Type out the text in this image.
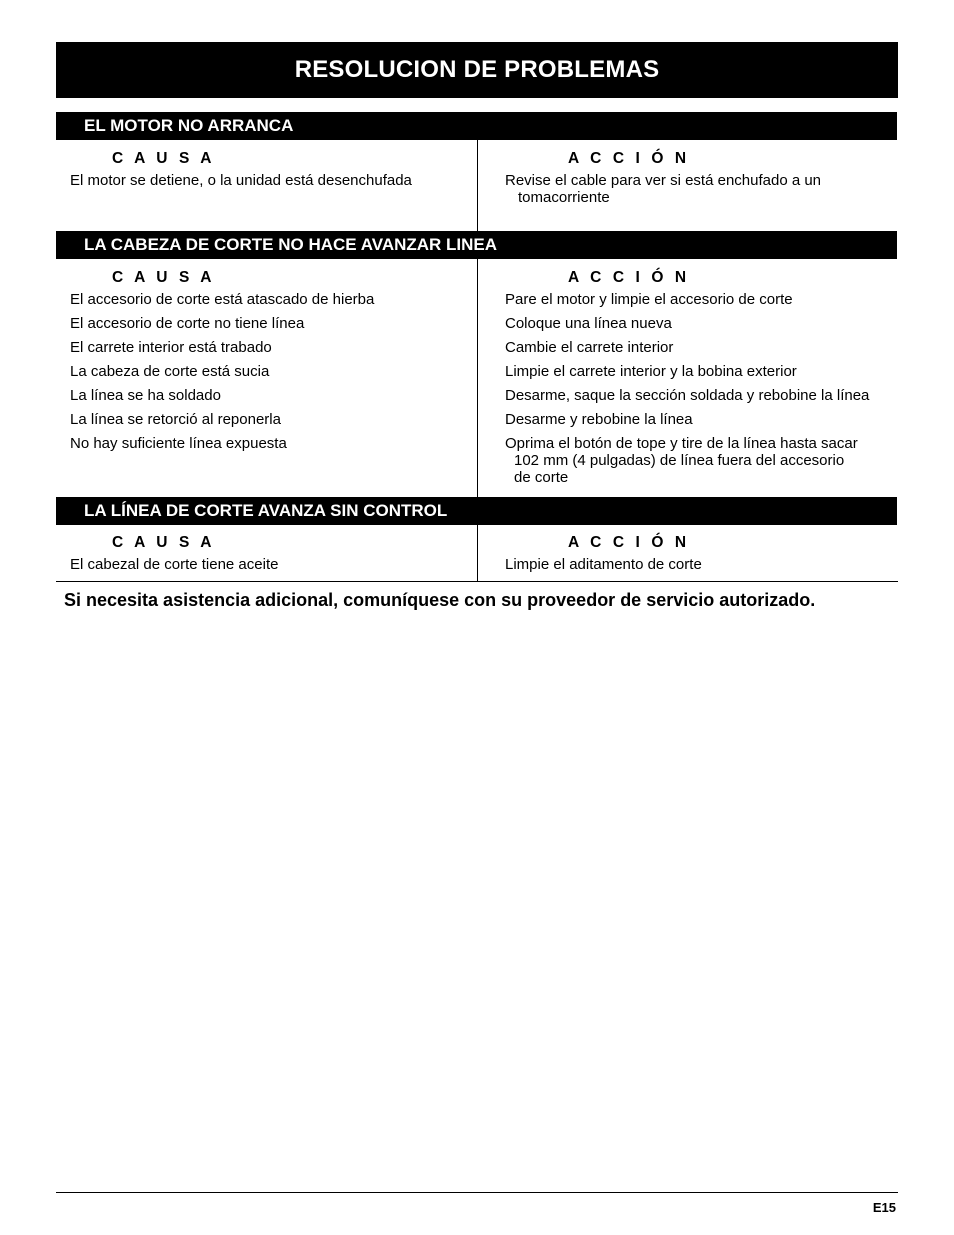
RESOLUCION DE PROBLEMAS
EL MOTOR NO ARRANCA
C A U S A	A C C I Ó N
El motor se detiene, o la unidad está desenchufada	Revise el cable para ver si está enchufado a un
tomacorriente
LA CABEZA DE CORTE NO HACE AVANZAR LINEA
C A U S A	A C C I Ó N
El accesorio de corte está atascado de hierba	Pare el motor y limpie el accesorio de corte
El accesorio de corte no tiene línea	Coloque una línea nueva
El carrete interior está trabado	Cambie el carrete interior
La cabeza de corte está sucia	Limpie el carrete interior y la bobina exterior
La línea se ha soldado	Desarme, saque la sección soldada y rebobine la línea
La línea se retorció al reponerla	Desarme y rebobine la línea
No hay suficiente línea expuesta	Oprima el botón de tope y tire de la línea hasta sacar
102 mm (4 pulgadas) de línea fuera del accesorio
de corte
LA LÍNEA DE CORTE AVANZA SIN CONTROL
C A U S A	A C C I Ó N
El cabezal de corte tiene aceite	Limpie el aditamento de corte
Si necesita asistencia adicional, comuníquese con su proveedor de servicio autorizado.
E15
